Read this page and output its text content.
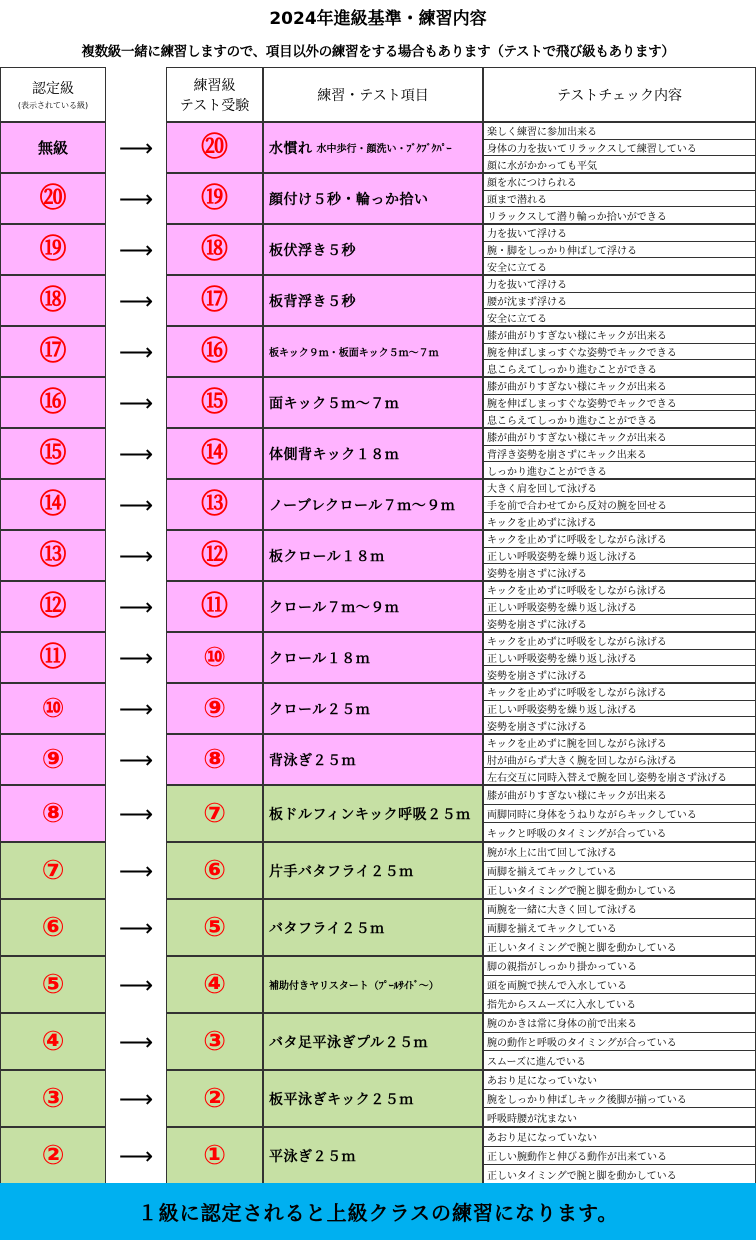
2024年進級基準・練習内容
複数級一緒に練習しますので、項目以外の練習をする場合もあります（テストで飛び級もあります）
認定級
(表示されている級)
練習級
テスト受験
練習・テスト項目	テストチェック内容
無級	⟶	⑳	水慣れ 水中歩行・顔洗い・ﾌﾞｸﾌﾞｸﾊﾟｰ
楽しく練習に参加出来る
身体の力を抜いてリラックスして練習している
顔に水がかかっても平気
⑳	⟶	⑲	顔付け５秒・輪っか拾い
顔を水につけられる
頭まで潜れる
リラックスして潜り輪っか拾いができる
⑲	⟶	⑱	板伏浮き５秒
力を抜いて浮ける
腕・脚をしっかり伸ばして浮ける
安全に立てる
⑱	⟶	⑰	板背浮き５秒
力を抜いて浮ける
腰が沈まず浮ける
安全に立てる
⑰	⟶	⑯	板キック９ｍ・板面キック５ｍ～７ｍ
膝が曲がりすぎない様にキックが出来る
腕を伸ばしまっすぐな姿勢でキックできる
息こらえてしっかり進むことができる
⑯	⟶	⑮	面キック５ｍ～７ｍ
膝が曲がりすぎない様にキックが出来る
腕を伸ばしまっすぐな姿勢でキックできる
息こらえてしっかり進むことができる
⑮	⟶	⑭	体側背キック１８ｍ
膝が曲がりすぎない様にキックが出来る
背浮き姿勢を崩さずにキック出来る
しっかり進むことができる
⑭	⟶	⑬	ノーブレクロール７ｍ～９ｍ
大きく肩を回して泳げる
手を前で合わせてから反対の腕を回せる
キックを止めずに泳げる
⑬	⟶	⑫	板クロール１８ｍ
キックを止めずに呼吸をしながら泳げる
正しい呼吸姿勢を繰り返し泳げる
姿勢を崩さずに泳げる
⑫	⟶	⑪	クロール７ｍ～９ｍ
キックを止めずに呼吸をしながら泳げる
正しい呼吸姿勢を繰り返し泳げる
姿勢を崩さずに泳げる
⑪	⟶	⑩	クロール１８ｍ
キックを止めずに呼吸をしながら泳げる
正しい呼吸姿勢を繰り返し泳げる
姿勢を崩さずに泳げる
⑩	⟶	⑨	クロール２５ｍ
キックを止めずに呼吸をしながら泳げる
正しい呼吸姿勢を繰り返し泳げる
姿勢を崩さずに泳げる
⑨	⟶	⑧	背泳ぎ２５ｍ
キックを止めずに腕を回しながら泳げる
肘が曲がらず大きく腕を回しながら泳げる
左右交互に同時入替えで腕を回し姿勢を崩さず泳げる
⑧	⟶	⑦	板ドルフィンキック呼吸２５ｍ
膝が曲がりすぎない様にキックが出来る
両脚同時に身体をうねりながらキックしている
キックと呼吸のタイミングが合っている
⑦	⟶	⑥	片手バタフライ２５ｍ
腕が水上に出て回して泳げる
両脚を揃えてキックしている
正しいタイミングで腕と脚を動かしている
⑥	⟶	⑤	バタフライ２５ｍ
両腕を一緒に大きく回して泳げる
両脚を揃えてキックしている
正しいタイミングで腕と脚を動かしている
⑤	⟶	④	補助付きヤリスタート（ﾌﾟｰﾙｻｲﾄﾞ～）
脚の親指がしっかり掛かっている
頭を両腕で挟んで入水している
指先からスムーズに入水している
④	⟶	③	バタ足平泳ぎプル２５ｍ
腕のかきは常に身体の前で出来る
腕の動作と呼吸のタイミングが合っている
スムーズに進んでいる
③	⟶	②	板平泳ぎキック２５ｍ
あおり足になっていない
腕をしっかり伸ばしキック後脚が揃っている
呼吸時腰が沈まない
②	⟶	①	平泳ぎ２５ｍ
あおり足になっていない
正しい腕動作と伸びる動作が出来ている
正しいタイミングで腕と脚を動かしている
１級に認定されると上級クラスの練習になります。
